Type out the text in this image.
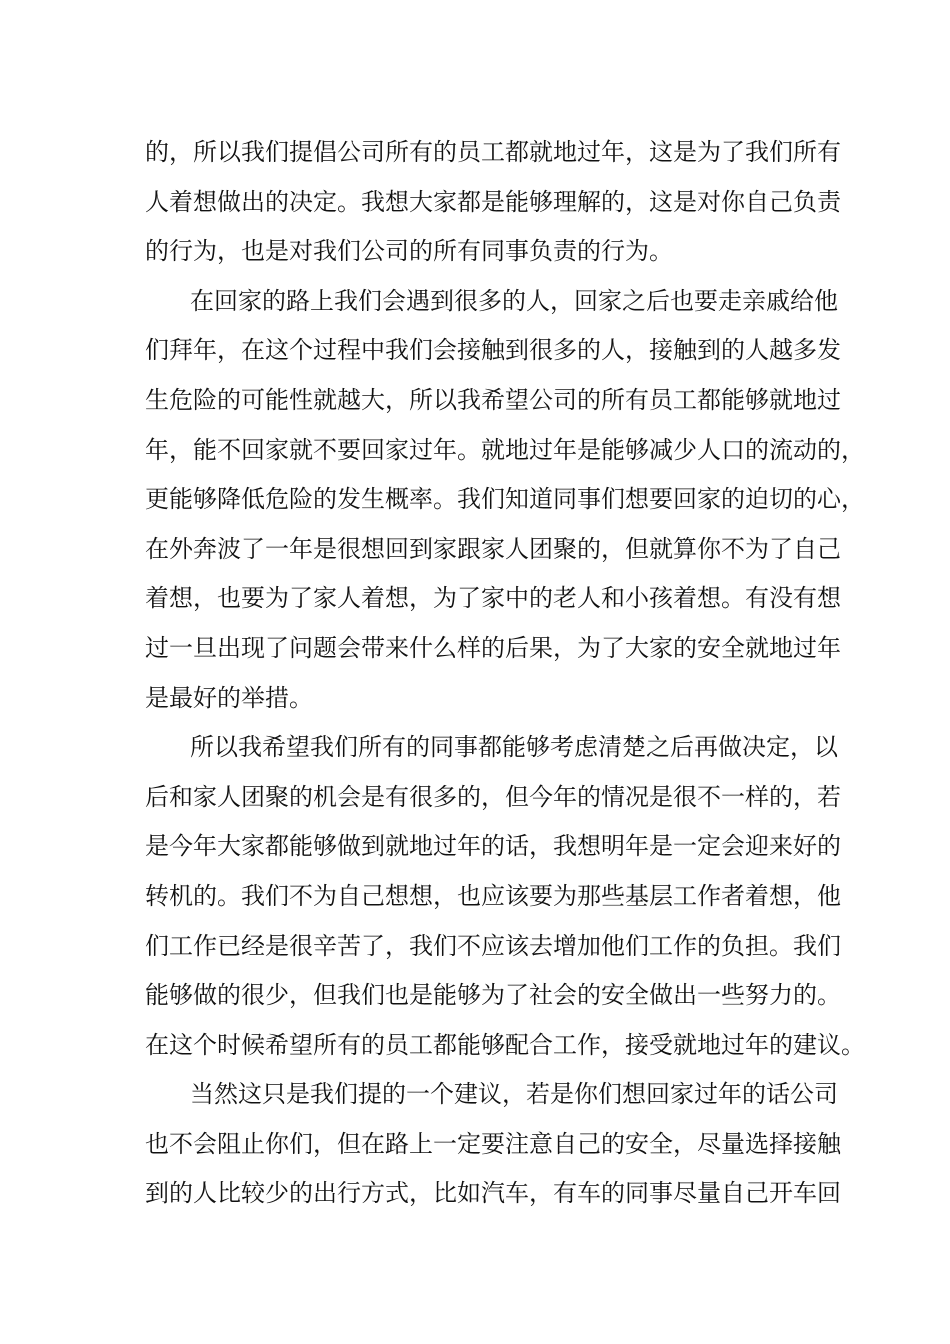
的，所以我们提倡公司所有的员工都就地过年，这是为了我们所有
人着想做出的决定。我想大家都是能够理解的，这是对你自己负责
的行为，也是对我们公司的所有同事负责的行为。
在回家的路上我们会遇到很多的人，回家之后也要走亲戚给他
们拜年，在这个过程中我们会接触到很多的人，接触到的人越多发
生危险的可能性就越大，所以我希望公司的所有员工都能够就地过
年，能不回家就不要回家过年。就地过年是能够减少人口的流动的，
更能够降低危险的发生概率。我们知道同事们想要回家的迫切的心，
在外奔波了一年是很想回到家跟家人团聚的，但就算你不为了自己
着想，也要为了家人着想，为了家中的老人和小孩着想。有没有想
过一旦出现了问题会带来什么样的后果，为了大家的安全就地过年
是最好的举措。
所以我希望我们所有的同事都能够考虑清楚之后再做决定，以
后和家人团聚的机会是有很多的，但今年的情况是很不一样的，若
是今年大家都能够做到就地过年的话，我想明年是一定会迎来好的
转机的。我们不为自己想想，也应该要为那些基层工作者着想，他
们工作已经是很辛苦了，我们不应该去增加他们工作的负担。我们
能够做的很少，但我们也是能够为了社会的安全做出一些努力的。
在这个时候希望所有的员工都能够配合工作，接受就地过年的建议。
当然这只是我们提的一个建议，若是你们想回家过年的话公司
也不会阻止你们，但在路上一定要注意自己的安全，尽量选择接触
到的人比较少的出行方式，比如汽车，有车的同事尽量自己开车回
